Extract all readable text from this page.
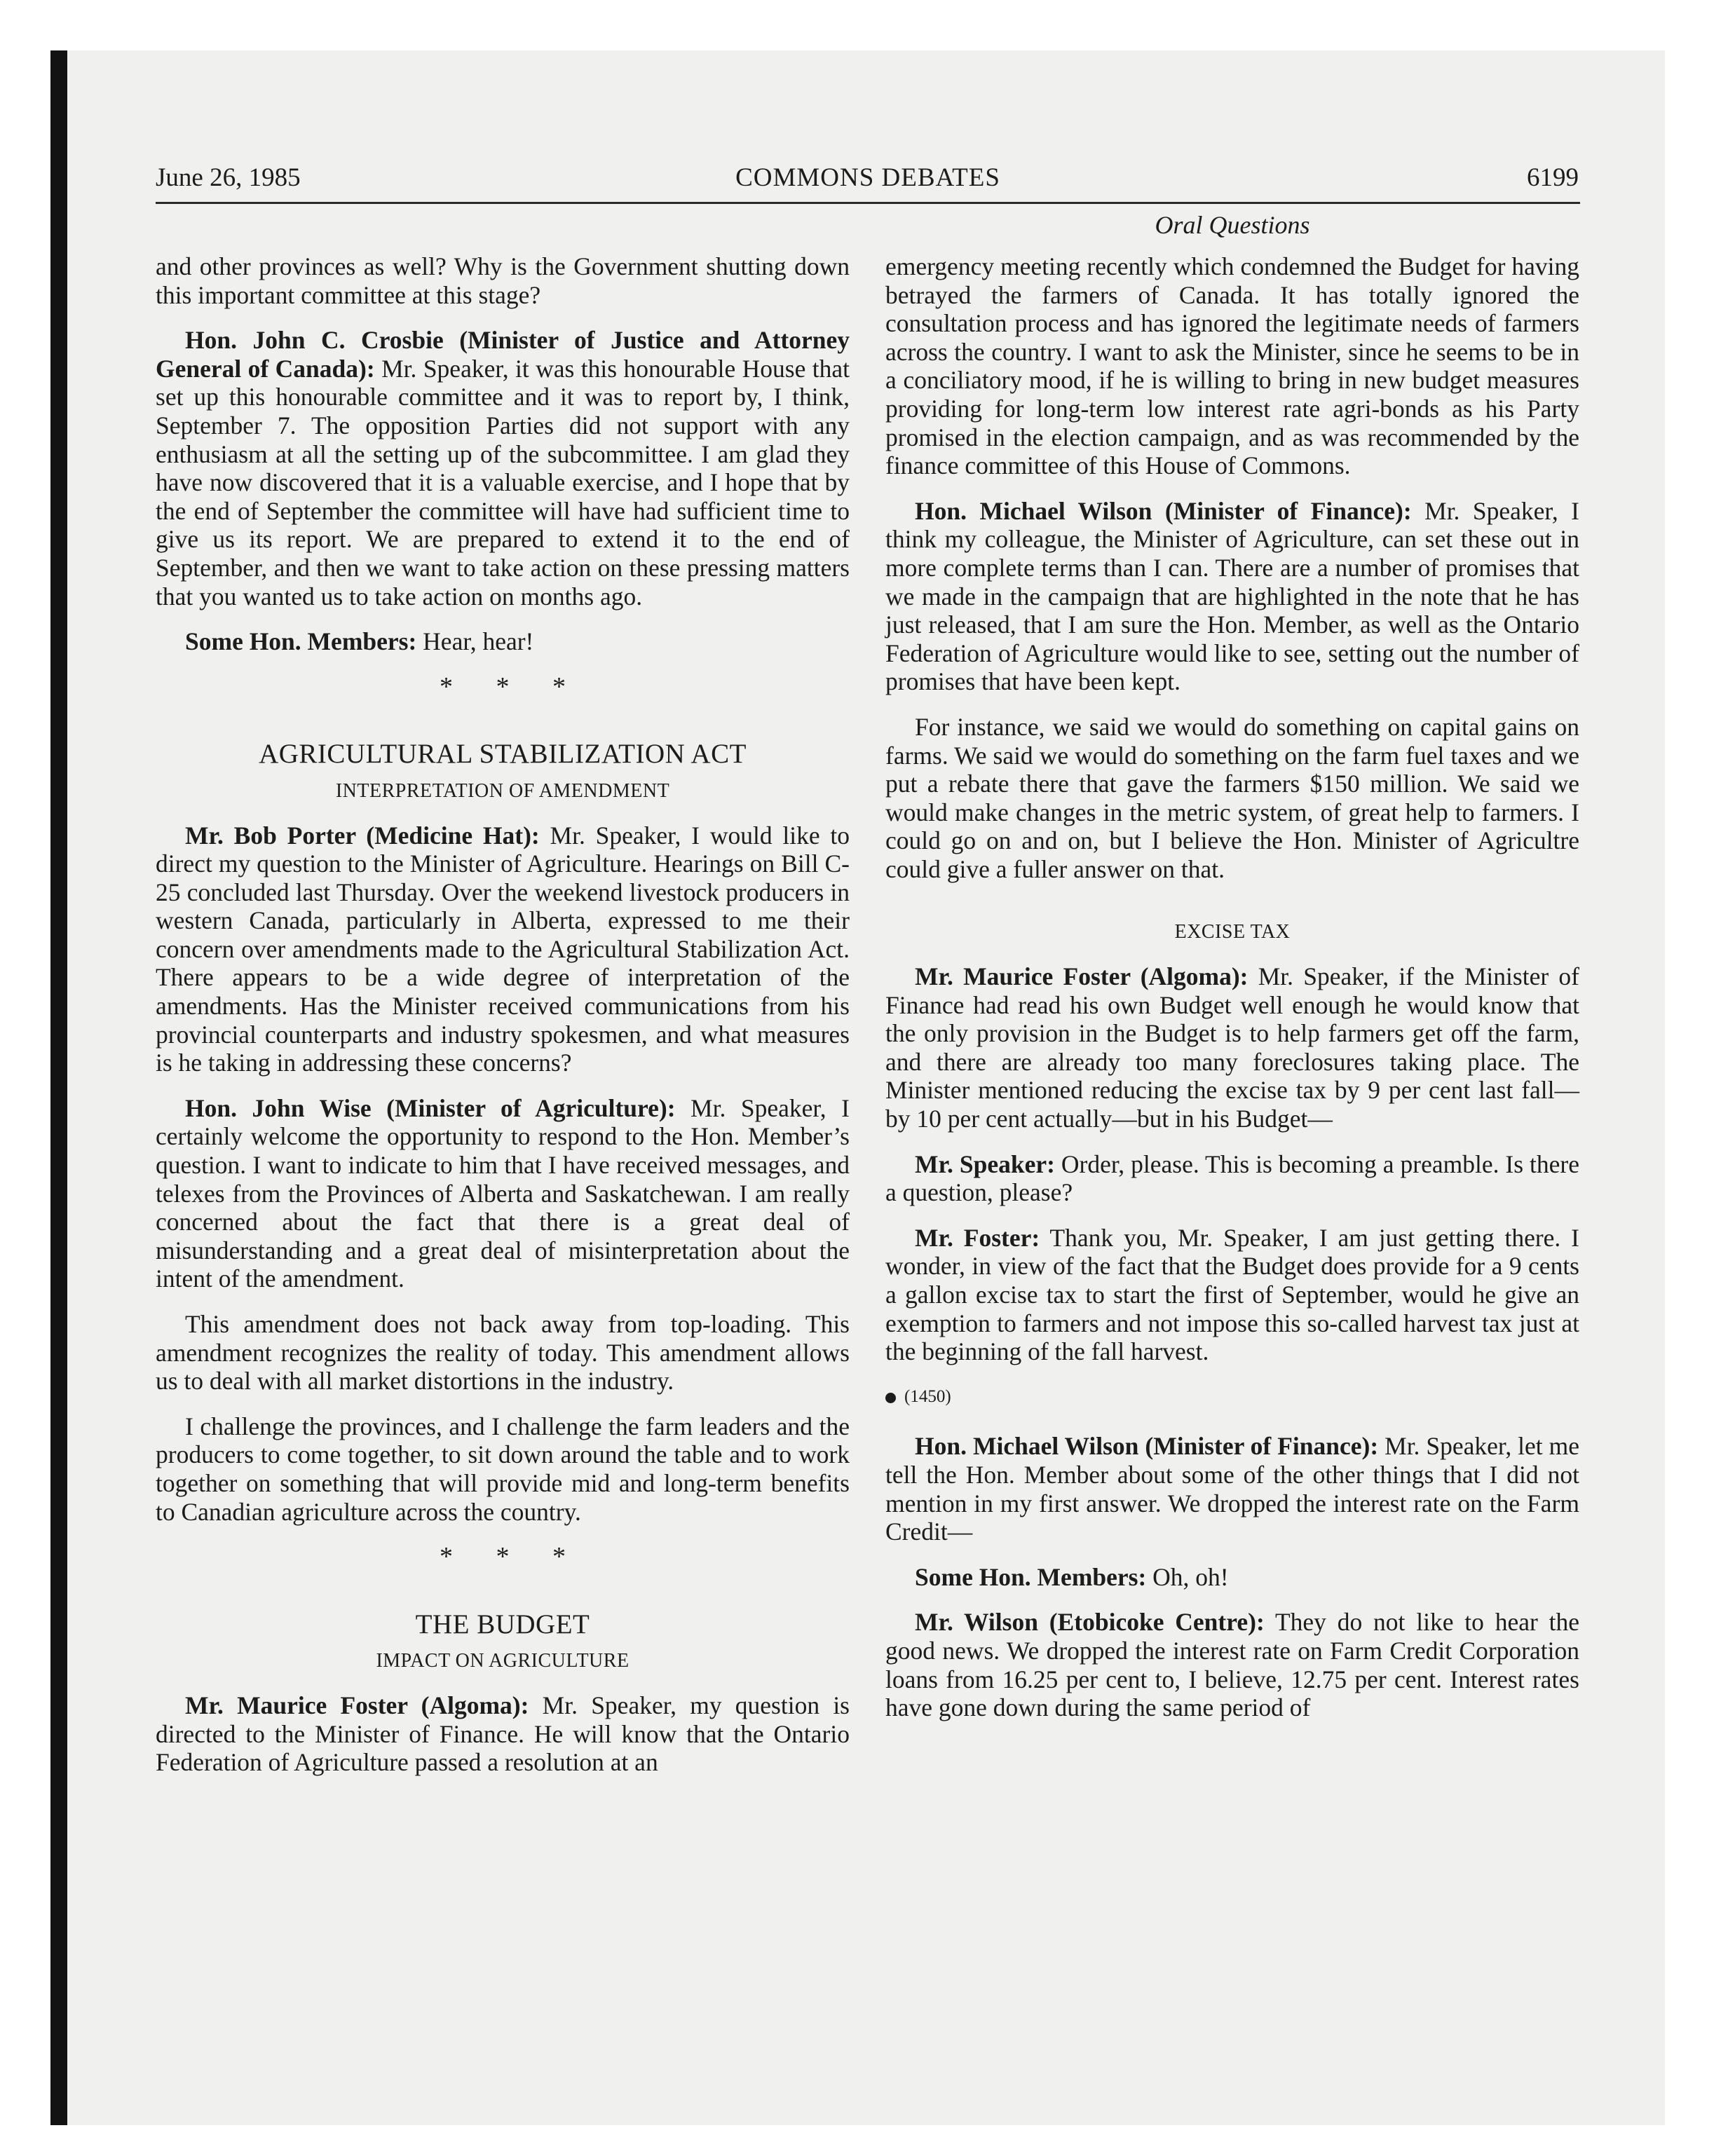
June 26, 1985	COMMONS DEBATES	6199
Oral Questions

and other provinces as well? Why is the Government shutting down this important committee at this stage?

Hon. John C. Crosbie (Minister of Justice and Attorney General of Canada): Mr. Speaker, it was this honourable House that set up this honourable committee and it was to report by, I think, September 7. The opposition Parties did not support with any enthusiasm at all the setting up of the subcommittee. I am glad they have now discovered that it is a valuable exercise, and I hope that by the end of September the committee will have had sufficient time to give us its report. We are prepared to extend it to the end of September, and then we want to take action on these pressing matters that you wanted us to take action on months ago.

Some Hon. Members: Hear, hear!

* * *
AGRICULTURAL STABILIZATION ACT
INTERPRETATION OF AMENDMENT

Mr. Bob Porter (Medicine Hat): Mr. Speaker, I would like to direct my question to the Minister of Agriculture. Hearings on Bill C-25 concluded last Thursday. Over the weekend livestock producers in western Canada, particularly in Alberta, expressed to me their concern over amendments made to the Agricultural Stabilization Act. There appears to be a wide degree of interpretation of the amendments. Has the Minister received communications from his provincial counterparts and industry spokesmen, and what measures is he taking in addressing these concerns?

Hon. John Wise (Minister of Agriculture): Mr. Speaker, I certainly welcome the opportunity to respond to the Hon. Member’s question. I want to indicate to him that I have received messages, and telexes from the Provinces of Alberta and Saskatchewan. I am really concerned about the fact that there is a great deal of misunderstanding and a great deal of misinterpretation about the intent of the amendment.

This amendment does not back away from top-loading. This amendment recognizes the reality of today. This amendment allows us to deal with all market distortions in the industry.

I challenge the provinces, and I challenge the farm leaders and the producers to come together, to sit down around the table and to work together on something that will provide mid and long-term benefits to Canadian agriculture across the country.

* * *
THE BUDGET
IMPACT ON AGRICULTURE

Mr. Maurice Foster (Algoma): Mr. Speaker, my question is directed to the Minister of Finance. He will know that the Ontario Federation of Agriculture passed a resolution at an

emergency meeting recently which condemned the Budget for having betrayed the farmers of Canada. It has totally ignored the consultation process and has ignored the legitimate needs of farmers across the country. I want to ask the Minister, since he seems to be in a conciliatory mood, if he is willing to bring in new budget measures providing for long-term low interest rate agri-bonds as his Party promised in the election campaign, and as was recommended by the finance committee of this House of Commons.

Hon. Michael Wilson (Minister of Finance): Mr. Speaker, I think my colleague, the Minister of Agriculture, can set these out in more complete terms than I can. There are a number of promises that we made in the campaign that are highlighted in the note that he has just released, that I am sure the Hon. Member, as well as the Ontario Federation of Agriculture would like to see, setting out the number of promises that have been kept.

For instance, we said we would do something on capital gains on farms. We said we would do something on the farm fuel taxes and we put a rebate there that gave the farmers $150 million. We said we would make changes in the metric system, of great help to farmers. I could go on and on, but I believe the Hon. Minister of Agricultre could give a fuller answer on that.

EXCISE TAX

Mr. Maurice Foster (Algoma): Mr. Speaker, if the Minister of Finance had read his own Budget well enough he would know that the only provision in the Budget is to help farmers get off the farm, and there are already too many foreclosures taking place. The Minister mentioned reducing the excise tax by 9 per cent last fall—by 10 per cent actually—but in his Budget—

Mr. Speaker: Order, please. This is becoming a preamble. Is there a question, please?

Mr. Foster: Thank you, Mr. Speaker, I am just getting there. I wonder, in view of the fact that the Budget does provide for a 9 cents a gallon excise tax to start the first of September, would he give an exemption to farmers and not impose this so-called harvest tax just at the beginning of the fall harvest.

(1450)

Hon. Michael Wilson (Minister of Finance): Mr. Speaker, let me tell the Hon. Member about some of the other things that I did not mention in my first answer. We dropped the interest rate on the Farm Credit—

Some Hon. Members: Oh, oh!

Mr. Wilson (Etobicoke Centre): They do not like to hear the good news. We dropped the interest rate on Farm Credit Corporation loans from 16.25 per cent to, I believe, 12.75 per cent. Interest rates have gone down during the same period of
